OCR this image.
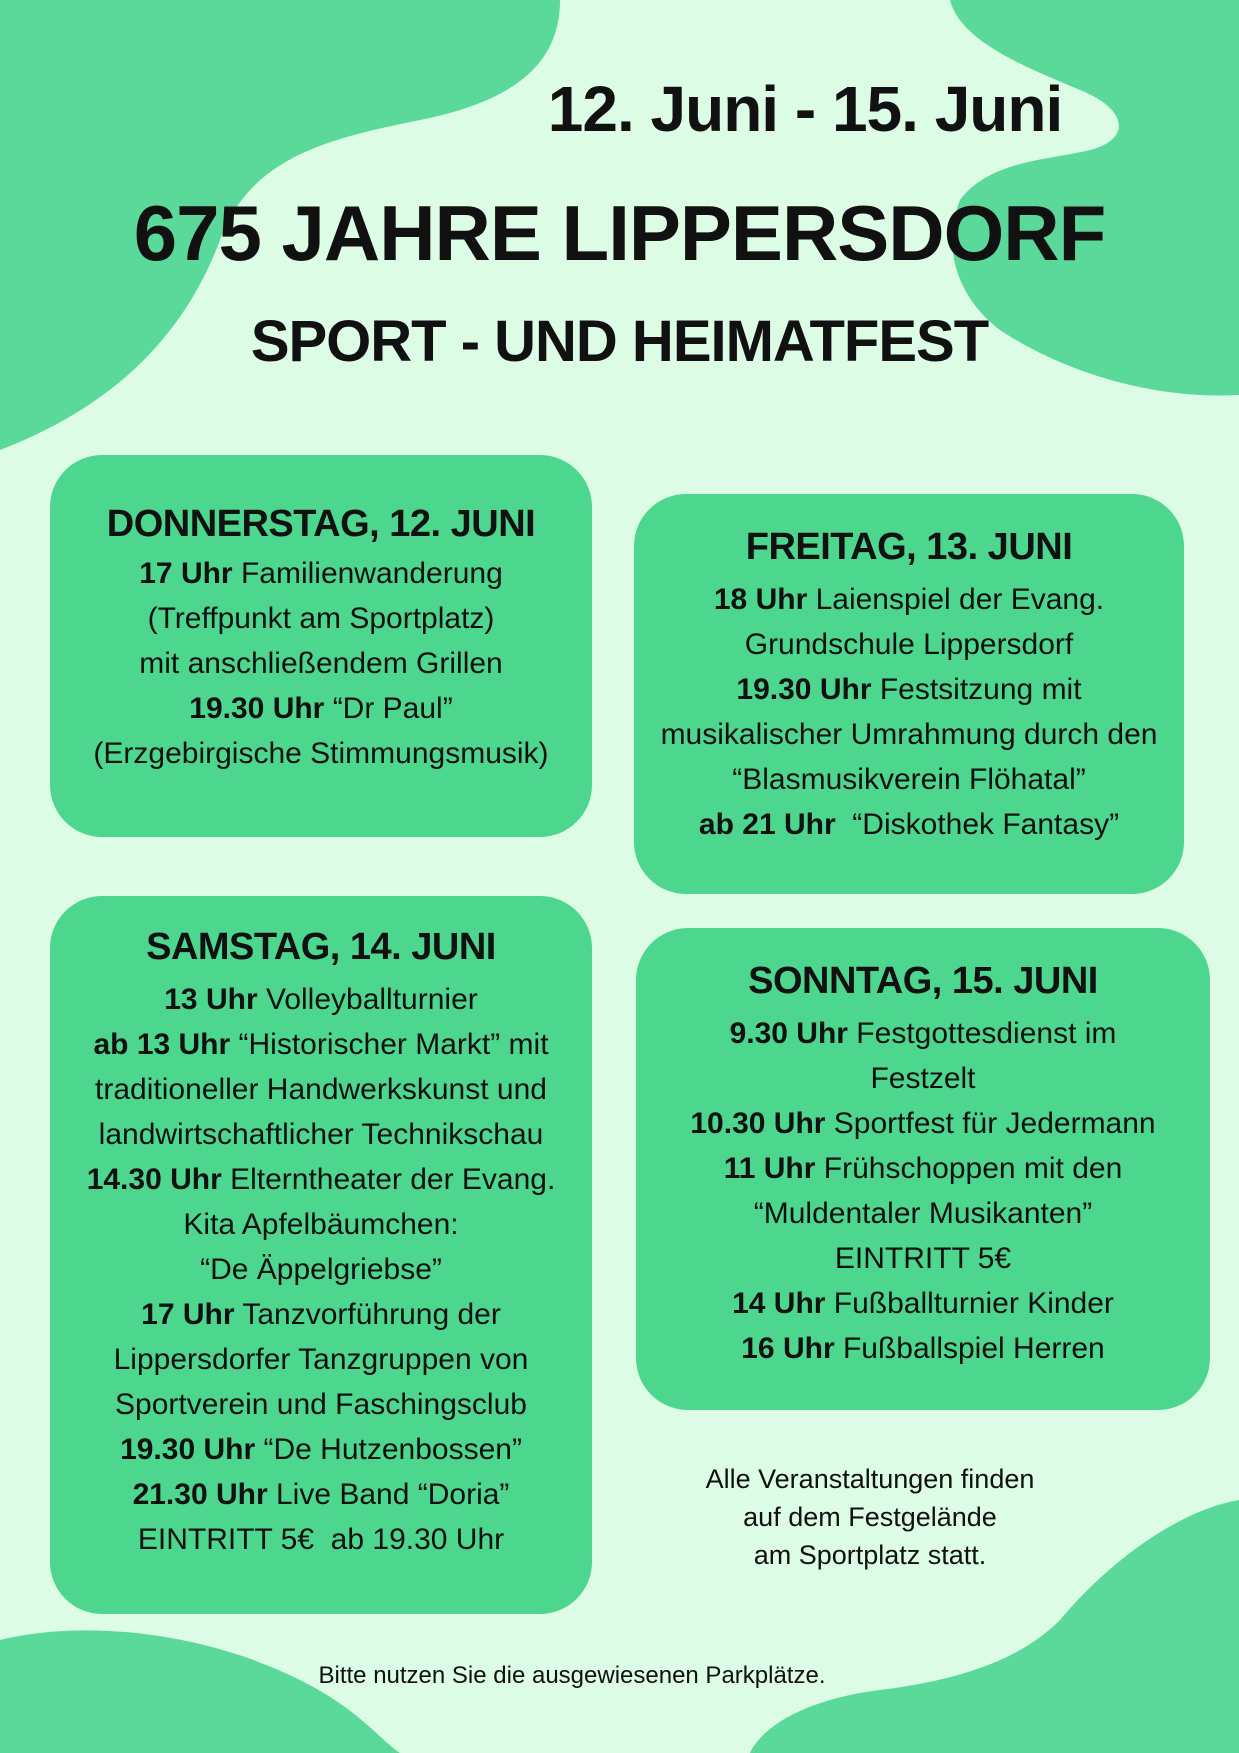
12. Juni - 15. Juni
675 JAHRE LIPPERSDORF
SPORT - UND HEIMATFEST
DONNERSTAG, 12. JUNI
17 Uhr Familienwanderung
(Treffpunkt am Sportplatz)
mit anschließendem Grillen
19.30 Uhr “Dr Paul”
(Erzgebirgische Stimmungsmusik)
FREITAG, 13. JUNI
18 Uhr Laienspiel der Evang.
Grundschule Lippersdorf
19.30 Uhr Festsitzung mit
musikalischer Umrahmung durch den
“Blasmusikverein Flöhatal”
ab 21 Uhr  “Diskothek Fantasy”
SAMSTAG, 14. JUNI
13 Uhr Volleyballturnier
ab 13 Uhr “Historischer Markt” mit
traditioneller Handwerkskunst und
landwirtschaftlicher Technikschau
14.30 Uhr Elterntheater der Evang.
Kita Apfelbäumchen:
“De Äppelgriebse”
17 Uhr Tanzvorführung der
Lippersdorfer Tanzgruppen von
Sportverein und Faschingsclub
19.30 Uhr “De Hutzenbossen”
21.30 Uhr Live Band “Doria”
EINTRITT 5€  ab 19.30 Uhr
SONNTAG, 15. JUNI
9.30 Uhr Festgottesdienst im
Festzelt
10.30 Uhr Sportfest für Jedermann
11 Uhr Frühschoppen mit den
“Muldentaler Musikanten”
EINTRITT 5€
14 Uhr Fußballturnier Kinder
16 Uhr Fußballspiel Herren
Alle Veranstaltungen finden
auf dem Festgelände
am Sportplatz statt.
Bitte nutzen Sie die ausgewiesenen Parkplätze.
